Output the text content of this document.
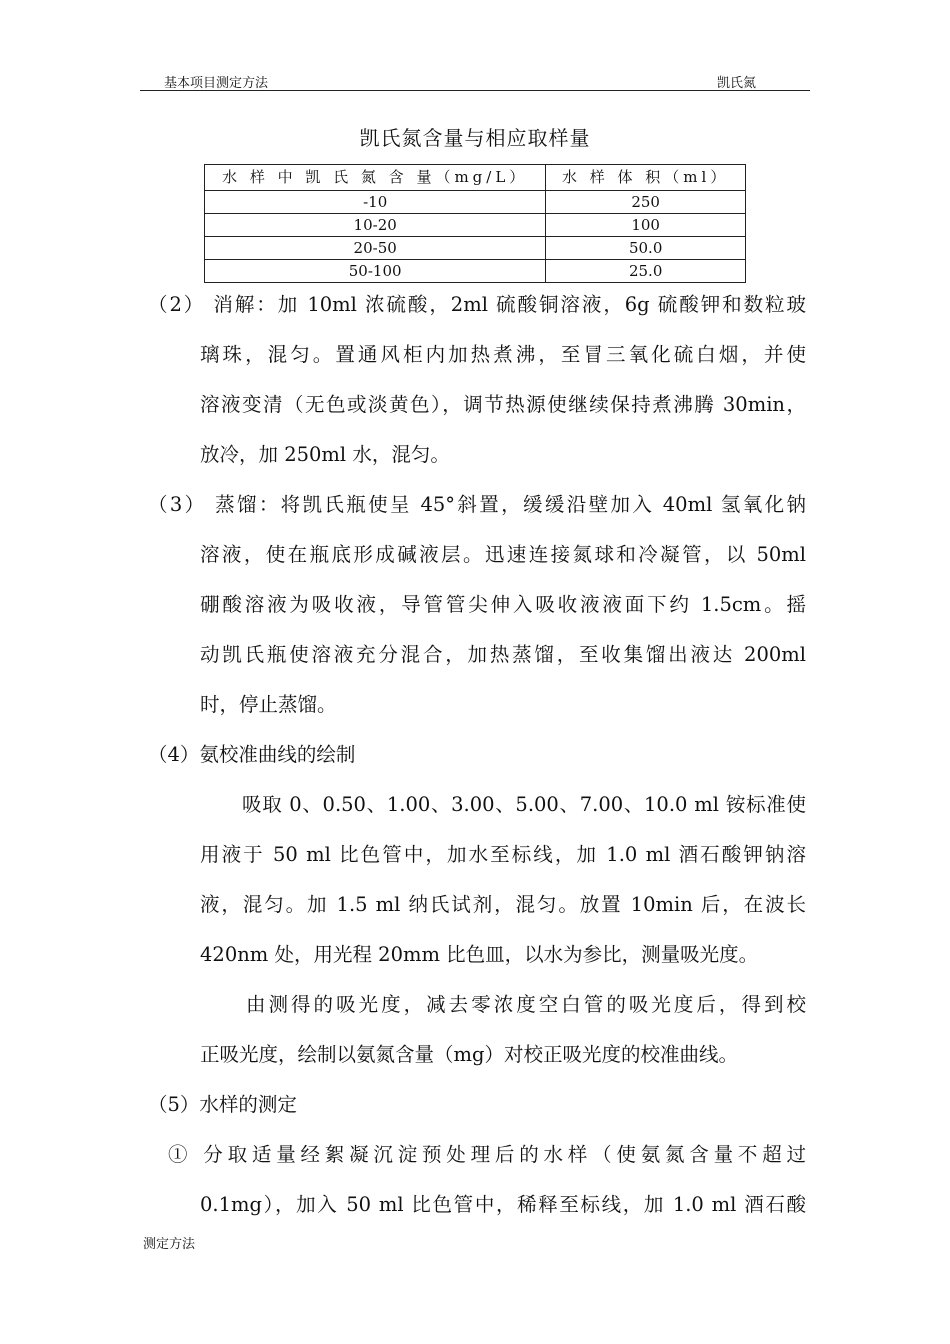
基本项目测定方法	凯氏氮
凯氏氮含量与相应取样量
水 样 中 凯 氏 氮 含 量（mg/L）	水 样 体 积（ml）
-10	250
10-20	100
20-50	50.0
50-100	25.0
（2） 消解：加 10ml 浓硫酸，2ml 硫酸铜溶液，6g 硫酸钾和数粒玻
璃珠，混匀。置通风柜内加热煮沸，至冒三氧化硫白烟，并使
溶液变清（无色或淡黄色），调节热源使继续保持煮沸腾 30min，
放冷，加 250ml 水，混匀。
（3） 蒸馏：将凯氏瓶使呈 45°斜置，缓缓沿壁加入 40ml 氢氧化钠
溶液，使在瓶底形成碱液层。迅速连接氮球和冷凝管，以 50ml
硼酸溶液为吸收液，导管管尖伸入吸收液液面下约 1.5cm。摇
动凯氏瓶使溶液充分混合，加热蒸馏，至收集馏出液达 200ml
时，停止蒸馏。
（4）氨校准曲线的绘制
吸取 0、0.50、1.00、3.00、5.00、7.00、10.0 ml 铵标准使
用液于 50 ml 比色管中，加水至标线，加 1.0 ml 酒石酸钾钠溶
液，混匀。加 1.5 ml 纳氏试剂，混匀。放置 10min 后，在波长
420nm 处，用光程 20mm 比色皿，以水为参比，测量吸光度。
由测得的吸光度，减去零浓度空白管的吸光度后，得到校
正吸光度，绘制以氨氮含量（mg）对校正吸光度的校准曲线。
（5）水样的测定
① 分取适量经絮凝沉淀预处理后的水样（使氨氮含量不超过
0.1mg），加入 50 ml 比色管中，稀释至标线，加 1.0 ml 酒石酸
测定方法
